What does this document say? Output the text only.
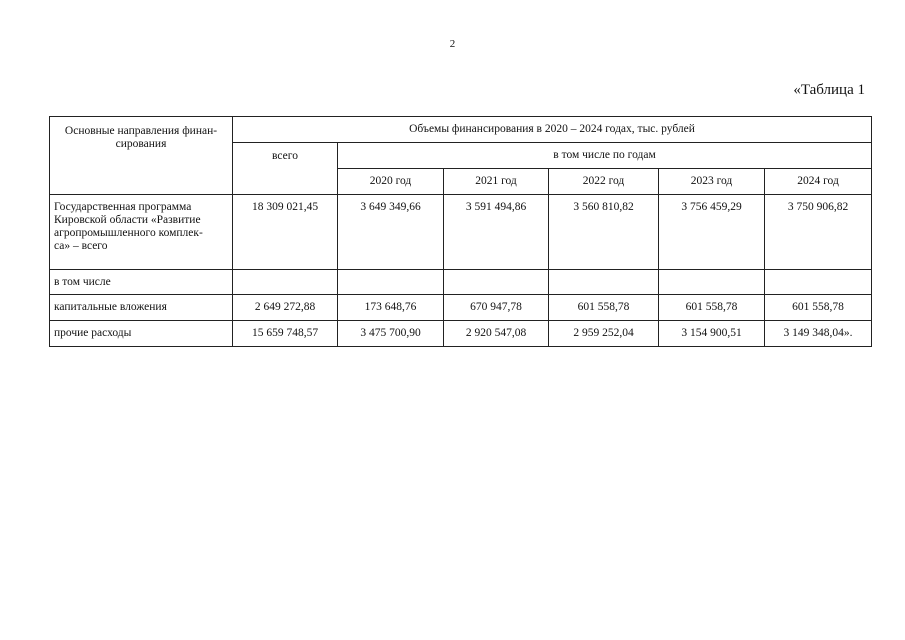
2
«Таблица 1
Основные направления финан-
сирования	Объемы финансирования в 2020 – 2024 годах, тыс. рублей					
	всего	в том числе по годам				
		2020 год	2021 год	2022 год	2023 год	2024 год
Государственная программа
Кировской области «Развитие
агропромышленного комплек-
са» – всего	18 309 021,45	3 649 349,66	3 591 494,86	3 560 810,82	3 756 459,29	3 750 906,82
в том числе						
капитальные вложения	2 649 272,88	173 648,76	670 947,78	601 558,78	601 558,78	601 558,78
прочие расходы	15 659 748,57	3 475 700,90	2 920 547,08	2 959 252,04	3 154 900,51	3 149 348,04».
